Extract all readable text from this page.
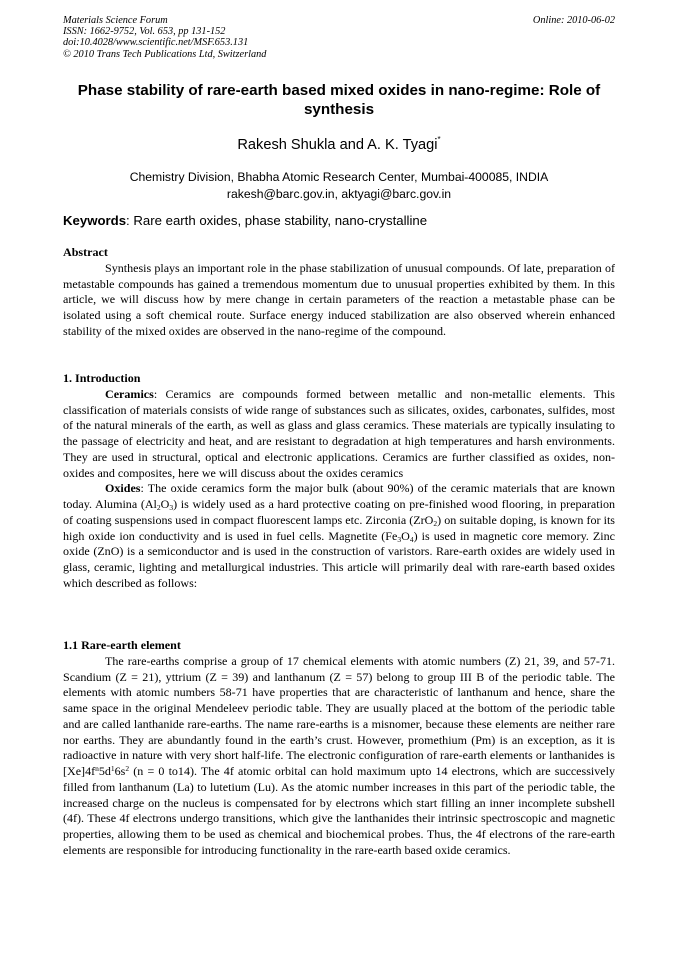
Materials Science Forum
ISSN: 1662-9752, Vol. 653, pp 131-152
doi:10.4028/www.scientific.net/MSF.653.131
© 2010 Trans Tech Publications Ltd, Switzerland
Online: 2010-06-02
Phase stability of rare-earth based mixed oxides in nano-regime: Role of synthesis
Rakesh Shukla and A. K. Tyagi*
Chemistry Division, Bhabha Atomic Research Center, Mumbai-400085, INDIA
rakesh@barc.gov.in, aktyagi@barc.gov.in
Keywords: Rare earth oxides, phase stability, nano-crystalline
Abstract
Synthesis plays an important role in the phase stabilization of unusual compounds. Of late, preparation of metastable compounds has gained a tremendous momentum due to unusual properties exhibited by them. In this article, we will discuss how by mere change in certain parameters of the reaction a metastable phase can be isolated using a soft chemical route. Surface energy induced stabilization are also observed wherein enhanced stability of the mixed oxides are observed in the nano-regime of the compound.
1. Introduction
Ceramics: Ceramics are compounds formed between metallic and non-metallic elements. This classification of materials consists of wide range of substances such as silicates, oxides, carbonates, sulfides, most of the natural minerals of the earth, as well as glass and glass ceramics. These materials are typically insulating to the passage of electricity and heat, and are resistant to degradation at high temperatures and harsh environments. They are used in structural, optical and electronic applications. Ceramics are further classified as oxides, non-oxides and composites, here we will discuss about the oxides ceramics
Oxides: The oxide ceramics form the major bulk (about 90%) of the ceramic materials that are known today. Alumina $(Al_2O_3)$ is widely used as a hard protective coating on pre-finished wood flooring, in preparation of coating suspensions used in compact fluorescent lamps etc. Zirconia (ZrO$_2$) on suitable doping, is known for its high oxide ion conductivity and is used in fuel cells. Magnetite $(Fe_3O_4)$ is used in magnetic core memory. Zinc oxide (ZnO) is a semiconductor and is used in the construction of varistors. Rare-earth oxides are widely used in glass, ceramic, lighting and metallurgical industries. This article will primarily deal with rare-earth based oxides which described as follows:
1.1 Rare-earth element
The rare-earths comprise a group of 17 chemical elements with atomic numbers (Z) 21, 39, and 57-71. Scandium (Z = 21), yttrium (Z = 39) and lanthanum (Z = 57) belong to group III B of the periodic table. The elements with atomic numbers 58-71 have properties that are characteristic of lanthanum and hence, share the same space in the original Mendeleev periodic table. They are usually placed at the bottom of the periodic table and are called lanthanide rare-earths. The name rare-earths is a misnomer, because these elements are neither rare nor earths. They are abundantly found in the earth’s crust. However, promethium (Pm) is an exception, as it is radioactive in nature with very short half-life. The electronic configuration of rare-earth elements or lanthanides is $[Xe]4f^n5d^16s^2$ (n = 0 to14). The 4f atomic orbital can hold maximum upto 14 electrons, which are successively filled from lanthanum (La) to lutetium (Lu). As the atomic number increases in this part of the periodic table, the increased charge on the nucleus is compensated for by electrons which start filling an inner incomplete subshell (4f). These 4f electrons undergo transitions, which give the lanthanides their intrinsic spectroscopic and magnetic properties, allowing them to be used as chemical and biochemical probes. Thus, the 4f electrons of the rare-earth elements are responsible for introducing functionality in the rare-earth based oxide ceramics.
